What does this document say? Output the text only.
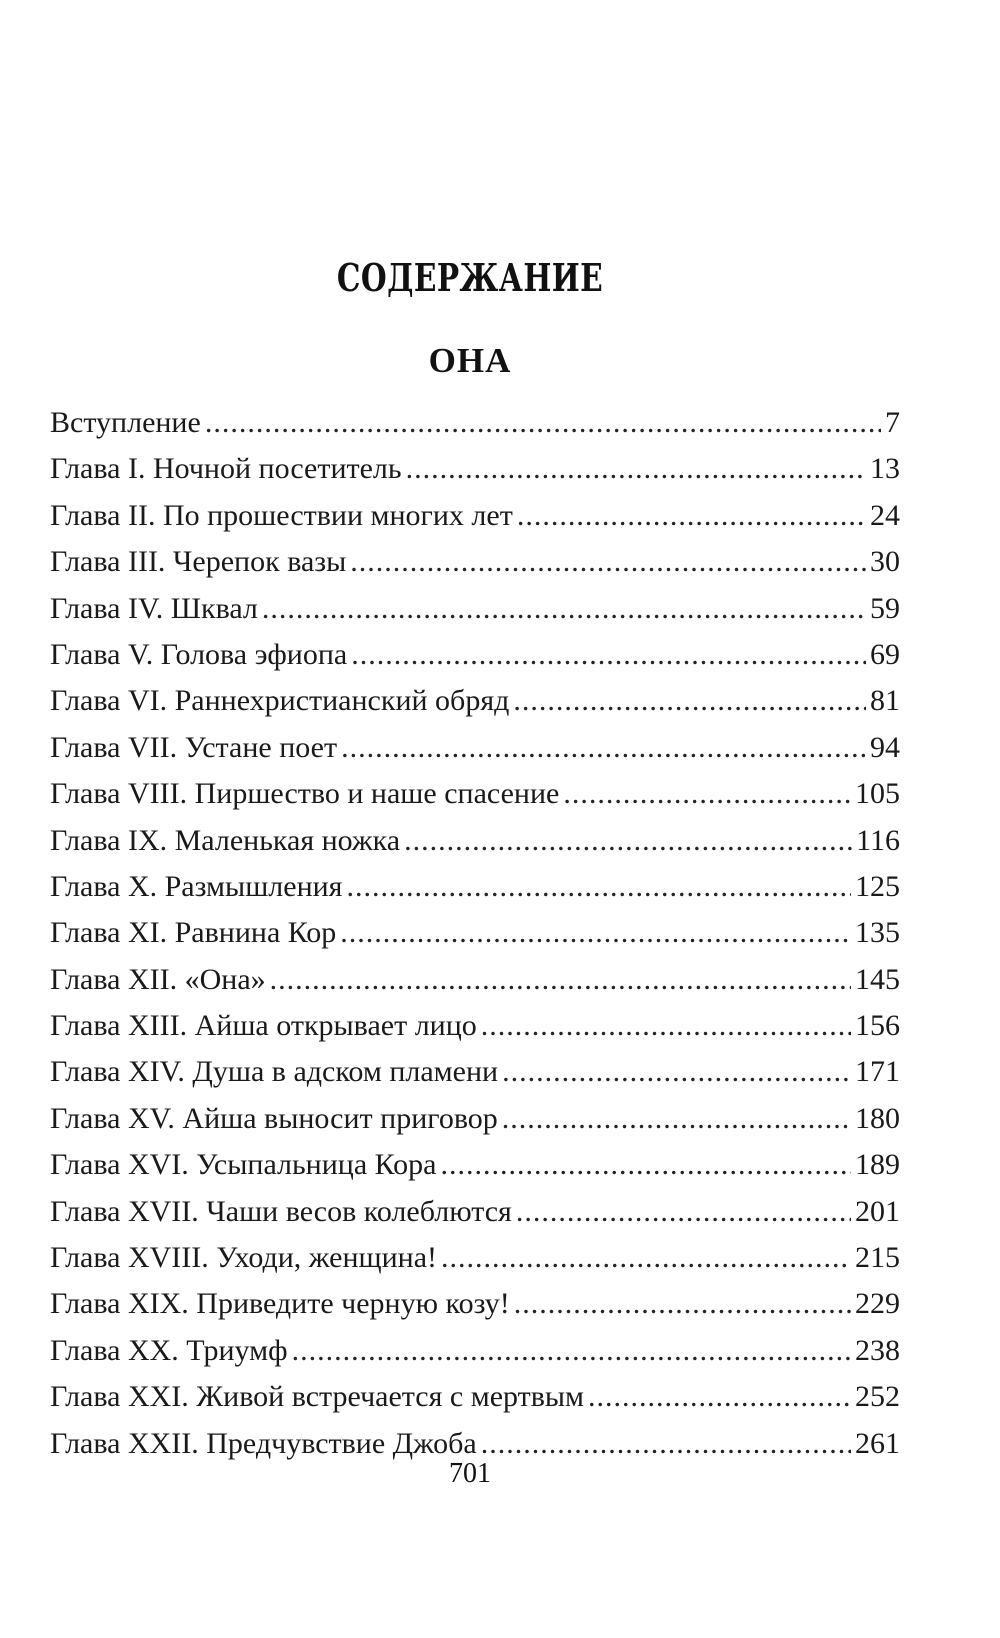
СОДЕРЖАНИЕ
ОНА
Вступление .....	7
Глава I. Ночной посетитель .....	13
Глава II. По прошествии многих лет .....	24
Глава III. Черепок вазы .....	30
Глава IV. Шквал .....	59
Глава V. Голова эфиопа .....	69
Глава VI. Раннехристианский обряд .....	81
Глава VII. Устане поет .....	94
Глава VIII. Пиршество и наше спасение .....	105
Глава IX. Маленькая ножка .....	116
Глава X. Размышления .....	125
Глава XI. Равнина Кор .....	135
Глава XII. «Она» .....	145
Глава XIII. Айша открывает лицо .....	156
Глава XIV. Душа в адском пламени .....	171
Глава XV. Айша выносит приговор .....	180
Глава XVI. Усыпальница Кора .....	189
Глава XVII. Чаши весов колеблются .....	201
Глава XVIII. Уходи, женщина! .....	215
Глава XIX. Приведите черную козу! .....	229
Глава XX. Триумф .....	238
Глава XXI. Живой встречается с мертвым .....	252
Глава XXII. Предчувствие Джоба .....	261
701
